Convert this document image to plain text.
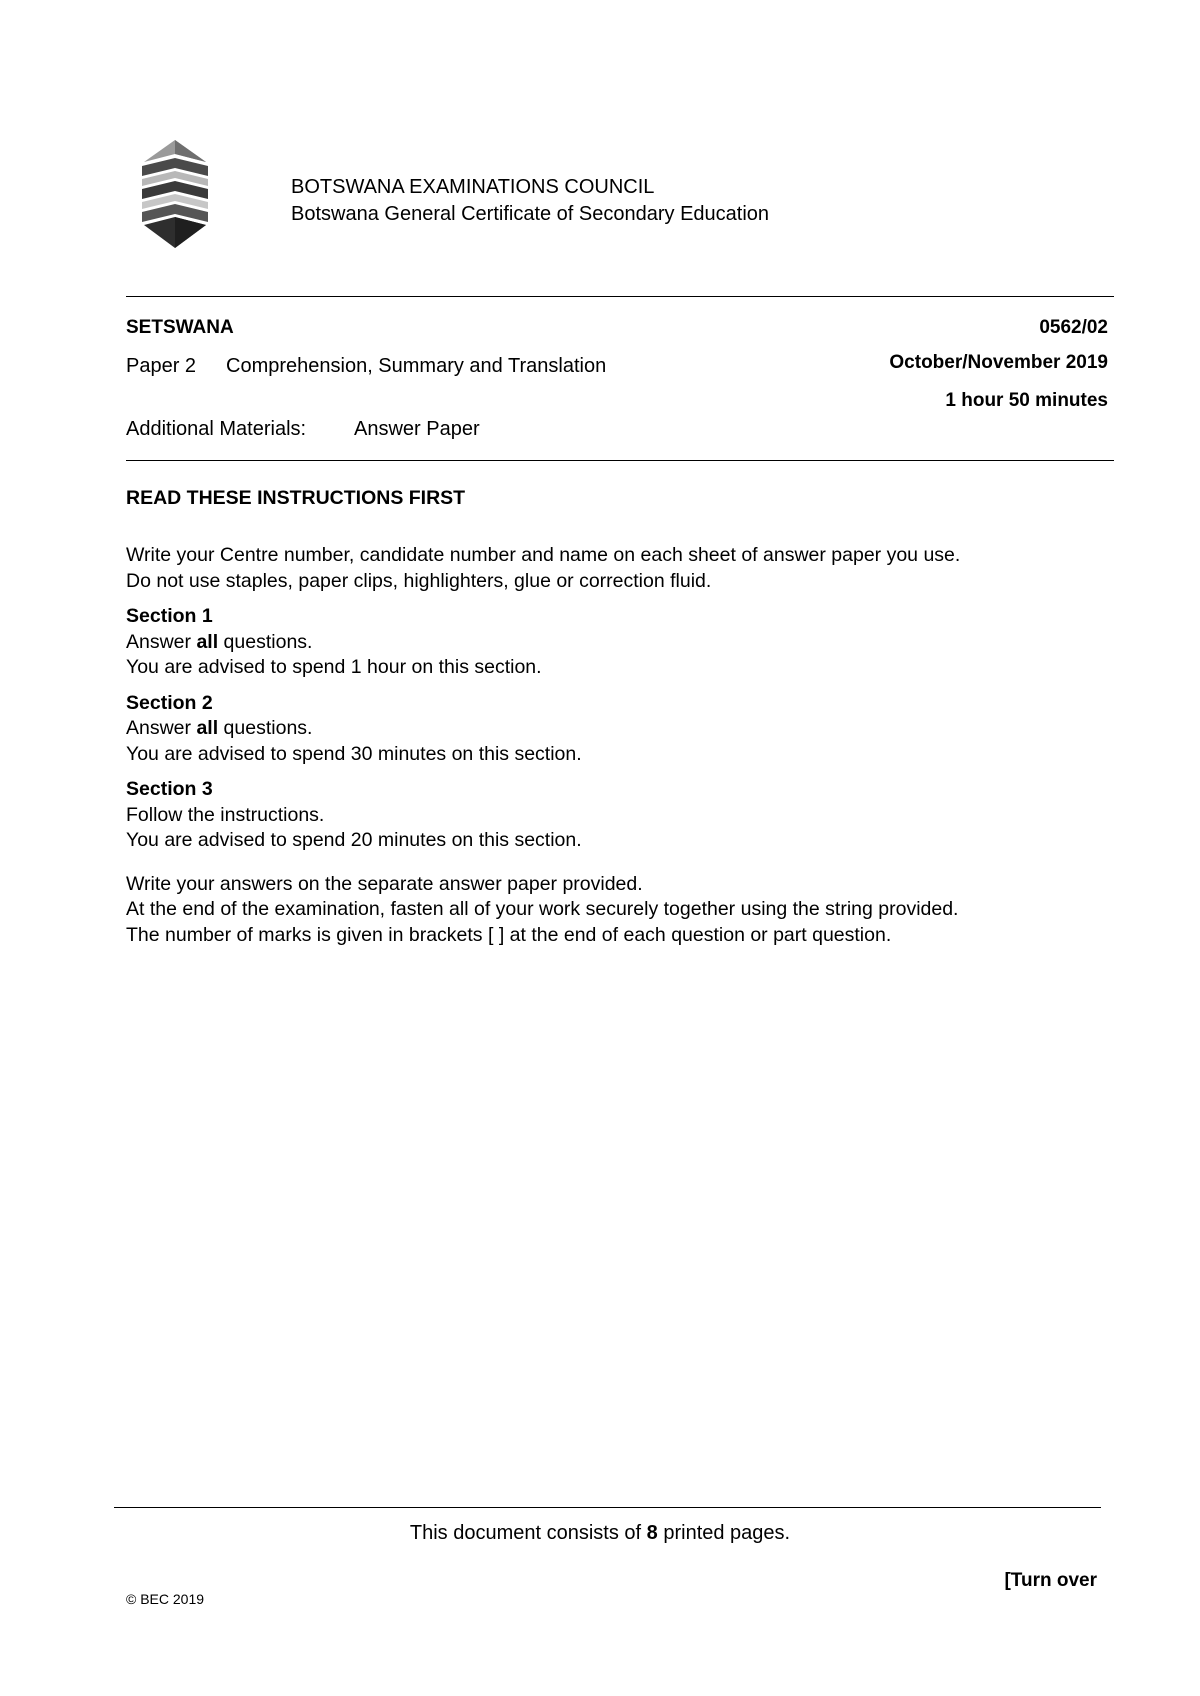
BOTSWANA EXAMINATIONS COUNCIL
Botswana General Certificate of Secondary Education
SETSWANA	0562/02
Paper 2 Comprehension, Summary and Translation	October/November 2019
1 hour 50 minutes
Additional Materials: Answer Paper
READ THESE INSTRUCTIONS FIRST

Write your Centre number, candidate number and name on each sheet of answer paper you use.

Do not use staples, paper clips, highlighters, glue or correction fluid.

Section 1

Answer all questions.

You are advised to spend 1 hour on this section.

Section 2

Answer all questions.

You are advised to spend 30 minutes on this section.

Section 3

Follow the instructions.

You are advised to spend 20 minutes on this section.

Write your answers on the separate answer paper provided.

At the end of the examination, fasten all of your work securely together using the string provided.

The number of marks is given in brackets [ ] at the end of each question or part question.

This document consists of 8 printed pages.
[Turn over
© BEC 2019
